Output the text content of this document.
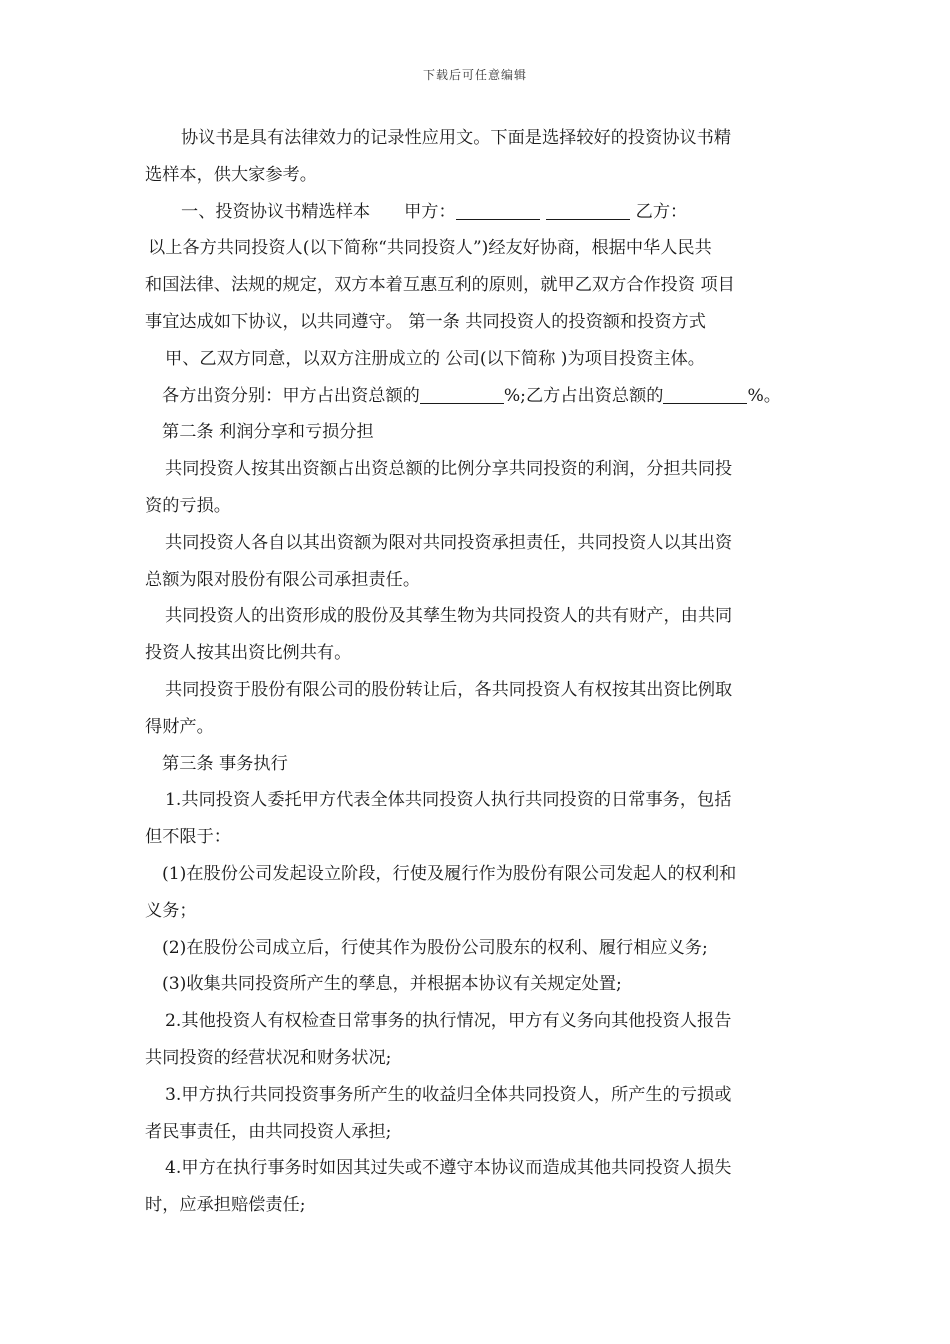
下载后可任意编辑
协议书是具有法律效力的记录性应用文。下面是选择较好的投资协议书精
选样本，供大家参考。
一、投资协议书精选样本 甲方：	乙方：
以上各方共同投资人(以下简称“共同投资人”)经友好协商，根据中华人民共
和国法律、法规的规定，双方本着互惠互利的原则，就甲乙双方合作投资 项目
事宜达成如下协议，以共同遵守。 第一条 共同投资人的投资额和投资方式
甲、乙双方同意，以双方注册成立的 公司(以下简称 )为项目投资主体。
各方出资分别：甲方占出资总额的	%;乙方占出资总额的	%。
第二条 利润分享和亏损分担
共同投资人按其出资额占出资总额的比例分享共同投资的利润，分担共同投
资的亏损。
共同投资人各自以其出资额为限对共同投资承担责任，共同投资人以其出资
总额为限对股份有限公司承担责任。
共同投资人的出资形成的股份及其孳生物为共同投资人的共有财产，由共同
投资人按其出资比例共有。
共同投资于股份有限公司的股份转让后，各共同投资人有权按其出资比例取
得财产。
第三条 事务执行
1.共同投资人委托甲方代表全体共同投资人执行共同投资的日常事务，包括
但不限于：
(1)在股份公司发起设立阶段，行使及履行作为股份有限公司发起人的权利和
义务；
(2)在股份公司成立后，行使其作为股份公司股东的权利、履行相应义务;
(3)收集共同投资所产生的孳息，并根据本协议有关规定处置;
2.其他投资人有权检查日常事务的执行情况，甲方有义务向其他投资人报告
共同投资的经营状况和财务状况;
3.甲方执行共同投资事务所产生的收益归全体共同投资人，所产生的亏损或
者民事责任，由共同投资人承担;
4.甲方在执行事务时如因其过失或不遵守本协议而造成其他共同投资人损失
时，应承担赔偿责任;
